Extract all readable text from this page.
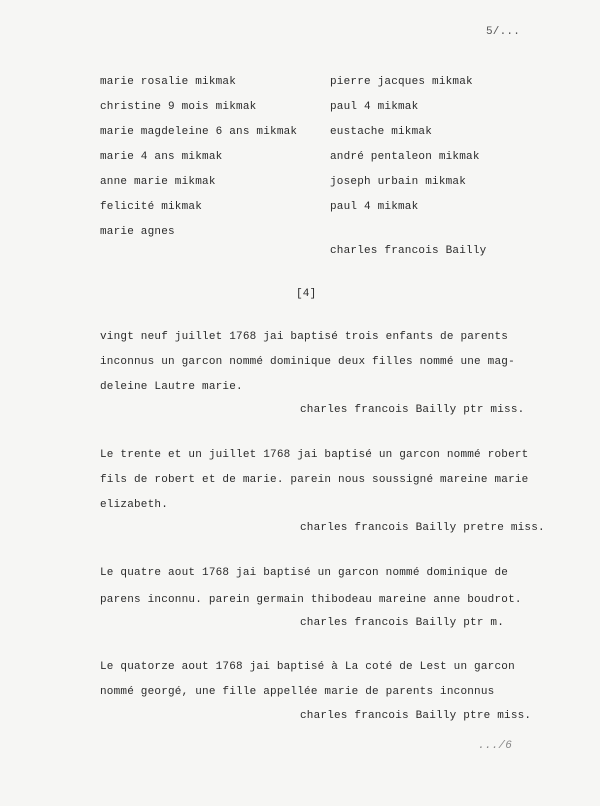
5/...
marie rosalie mikmak
christine 9 mois mikmak
marie magdeleine 6 ans mikmak
marie 4 ans mikmak
anne marie mikmak
felicité mikmak
marie agnes
pierre jacques mikmak
paul 4 mikmak
eustache mikmak
andré pentaleon mikmak
joseph urbain mikmak
paul 4 mikmak
charles francois Bailly
[4]
vingt neuf juillet 1768 jai baptisé trois enfants de parents
inconnus un garcon nommé dominique deux filles nommé une mag-
deleine Lautre marie.
charles francois Bailly ptr miss.
Le trente et un juillet 1768 jai baptisé un garcon nommé robert
fils de robert et de marie. parein nous soussigné mareine marie
elizabeth.
charles francois Bailly pretre miss.
Le quatre aout 1768 jai baptisé un garcon nommé dominique de
parens inconnu. parein germain thibodeau mareine anne boudrot.
charles francois Bailly ptr m.
Le quatorze aout 1768 jai baptisé à La coté de Lest un garcon
nommé georgé, une fille appellée marie de parents inconnus
charles francois Bailly ptre miss.
.../6
